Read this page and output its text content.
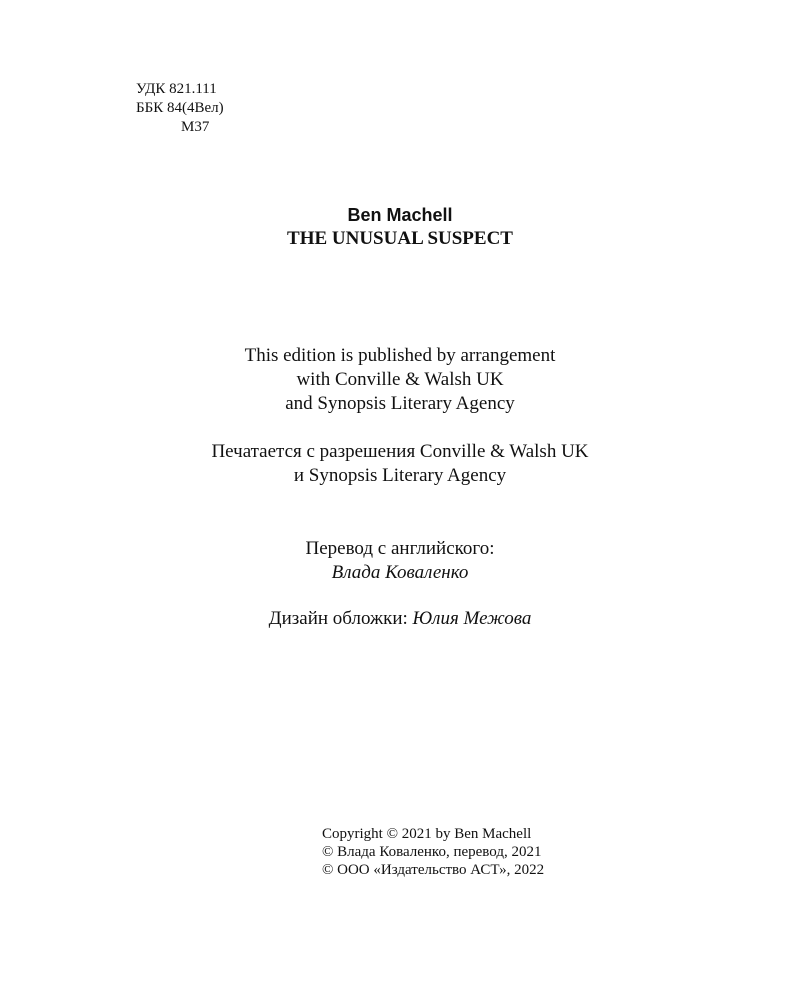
УДК 821.111
ББК 84(4Вел)
М37
Ben Machell
THE UNUSUAL SUSPECT
This edition is published by arrangement
with Conville & Walsh UK
and Synopsis Literary Agency
Печатается с разрешения Conville & Walsh UK
и Synopsis Literary Agency
Перевод с английского:
Влада Коваленко
Дизайн обложки: Юлия Межова
Copyright © 2021 by Ben Machell
© Влада Коваленко, перевод, 2021
© ООО «Издательство АСТ», 2022
